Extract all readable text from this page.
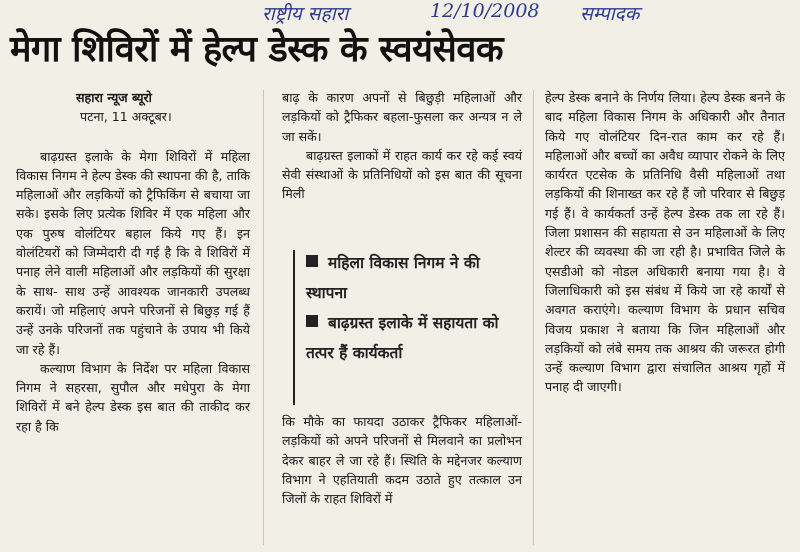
राष्ट्रीय सहारा	12/10/2008 सम्पादक
मेगा शिविरों में हेल्प डेस्क के स्वयंसेवक

सहारा न्यूज ब्यूरो

पटना, 11 अक्टूबर।

बाढ़ग्रस्त इलाके के मेगा शिविरों में महिला विकास निगम ने हेल्प डेस्क की स्थापना की है, ताकि महिलाओं और लड़कियों को ट्रैफिकिंग से बचाया जा सके। इसके लिए प्रत्येक शिविर में एक महिला और एक पुरुष वोलंटियर बहाल किये गए हैं। इन वोलंटियरों को जिम्मेदारी दी गई है कि वे शिविरों में पनाह लेने वाली महिलाओं और लड़कियों की सुरक्षा के साथ- साथ उन्हें आवश्यक जानकारी उपलब्ध करायें। जो महिलाएं अपने परिजनों से बिछुड़ गई हैं उन्हें उनके परिजनों तक पहुंचाने के उपाय भी किये जा रहे हैं।

कल्याण विभाग के निर्देश पर महिला विकास निगम ने सहरसा, सुपौल और मधेपुरा के मेगा शिविरों में बने हेल्प डेस्क इस बात की ताकीद कर रहा है कि

बाढ़ के कारण अपनों से बिछुड़ी महिलाओं और लड़कियों को ट्रैफिकर बहला-फुसला कर अन्यत्र न ले जा सकें।

बाढ़ग्रस्त इलाकों में राहत कार्य कर रहे कई स्वयं सेवी संस्थाओं के प्रतिनिधियों को इस बात की सूचना मिली

महिला विकास निगम ने की स्थापना
बाढ़ग्रस्त इलाके में सहायता को तत्पर हैं कार्यकर्ता

कि मौके का फायदा उठाकर ट्रैफिकर महिलाओं-लड़कियों को अपने परिजनों से मिलवाने का प्रलोभन देकर बाहर ले जा रहे हैं। स्थिति के मद्देनजर कल्याण विभाग ने एहतियाती कदम उठाते हुए तत्काल उन जिलों के राहत शिविरों में

हेल्प डेस्क बनाने के निर्णय लिया। हेल्प डेस्क बनने के बाद महिला विकास निगम के अधिकारी और तैनात किये गए वोलंटियर दिन-रात काम कर रहे हैं। महिलाओं और बच्चों का अवैध व्यापार रोकने के लिए कार्यरत एटसेक के प्रतिनिधि वैसी महिलाओं तथा लड़कियों की शिनाख्त कर रहे हैं जो परिवार से बिछुड़ गई हैं। वे कार्यकर्ता उन्हें हेल्प डेस्क तक ला रहे हैं। जिला प्रशासन की सहायता से उन महिलाओं के लिए शेल्टर की व्यवस्था की जा रही है। प्रभावित जिले के एसडीओ को नोडल अधिकारी बनाया गया है। वे जिलाधिकारी को इस संबंध में किये जा रहे कार्यों से अवगत कराएंगे। कल्याण विभाग के प्रधान सचिव विजय प्रकाश ने बताया कि जिन महिलाओं और लड़कियों को लंबे समय तक आश्रय की जरूरत होगी उन्हें कल्याण विभाग द्वारा संचालित आश्रय गृहों में पनाह दी जाएगी।
